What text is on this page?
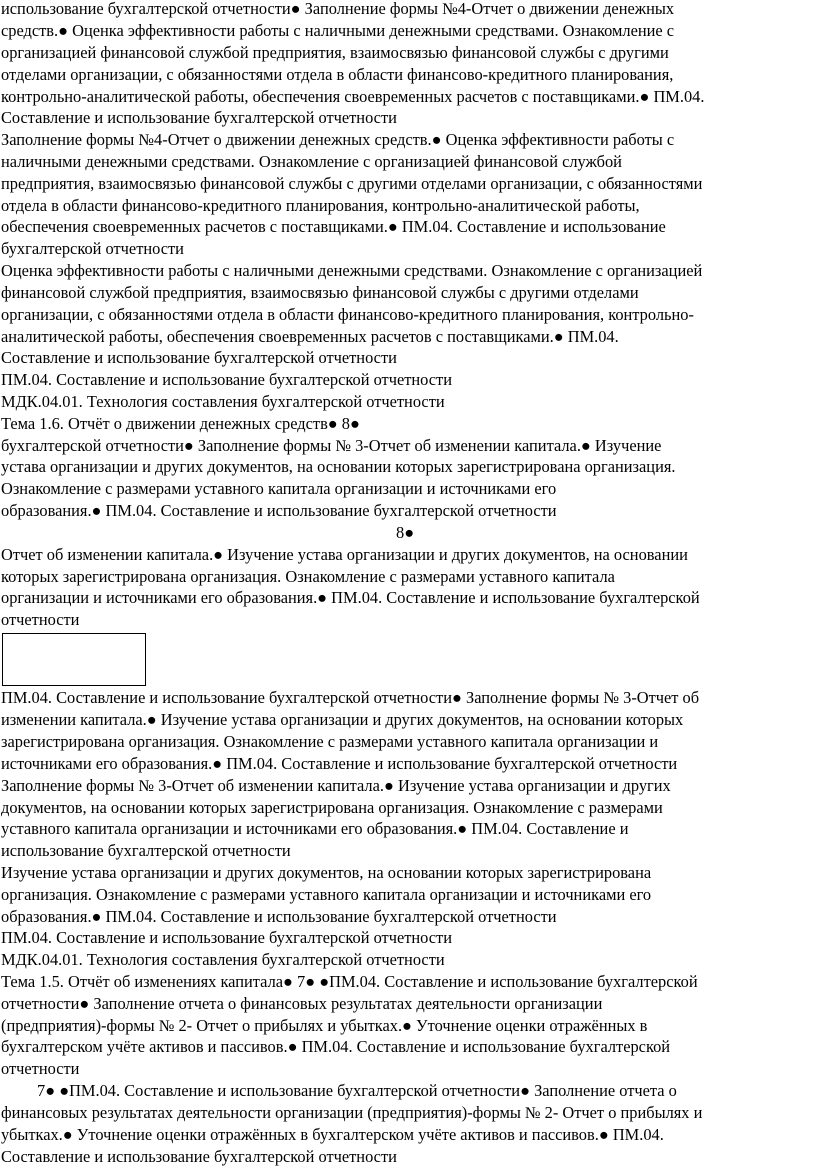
использование бухгалтерской отчетности● Заполнение формы №4-Отчет о движении денежных
средств.● Оценка эффективности работы с наличными денежными средствами. Ознакомление с
организацией финансовой службой предприятия, взаимосвязью финансовой службы с другими
отделами организации, с обязанностями отдела в области финансово-кредитного планирования,
контрольно-аналитической работы, обеспечения своевременных расчетов с поставщиками.● ПМ.04.
Составление и использование бухгалтерской отчетности
Заполнение формы №4-Отчет о движении денежных средств.● Оценка эффективности работы с
наличными денежными средствами. Ознакомление с организацией финансовой службой
предприятия, взаимосвязью финансовой службы с другими отделами организации, с обязанностями
отдела в области финансово-кредитного планирования, контрольно-аналитической работы,
обеспечения своевременных расчетов с поставщиками.● ПМ.04. Составление и использование
бухгалтерской отчетности
Оценка эффективности работы с наличными денежными средствами. Ознакомление с организацией
финансовой службой предприятия, взаимосвязью финансовой службы с другими отделами
организации, с обязанностями отдела в области финансово-кредитного планирования, контрольно-
аналитической работы, обеспечения своевременных расчетов с поставщиками.● ПМ.04.
Составление и использование бухгалтерской отчетности
ПМ.04. Составление и использование бухгалтерской отчетности
МДК.04.01. Технология составления бухгалтерской отчетности
Тема 1.6. Отчёт о движении денежных средств● 8●
бухгалтерской отчетности● Заполнение формы № 3-Отчет об изменении капитала.● Изучение
устава организации и других документов, на основании которых зарегистрирована организация.
Ознакомление с размерами уставного капитала организации и источниками его
образования.● ПМ.04. Составление и использование бухгалтерской отчетности
8●
Отчет об изменении капитала.● Изучение устава организации и других документов, на основании
которых зарегистрирована организация. Ознакомление с размерами уставного капитала
организации и источниками его образования.● ПМ.04. Составление и использование бухгалтерской
отчетности
ПМ.04. Составление и использование бухгалтерской отчетности● Заполнение формы № 3-Отчет об
изменении капитала.● Изучение устава организации и других документов, на основании которых
зарегистрирована организация. Ознакомление с размерами уставного капитала организации и
источниками его образования.● ПМ.04. Составление и использование бухгалтерской отчетности
Заполнение формы № 3-Отчет об изменении капитала.● Изучение устава организации и других
документов, на основании которых зарегистрирована организация. Ознакомление с размерами
уставного капитала организации и источниками его образования.● ПМ.04. Составление и
использование бухгалтерской отчетности
Изучение устава организации и других документов, на основании которых зарегистрирована
организация. Ознакомление с размерами уставного капитала организации и источниками его
образования.● ПМ.04. Составление и использование бухгалтерской отчетности
ПМ.04. Составление и использование бухгалтерской отчетности
МДК.04.01. Технология составления бухгалтерской отчетности
Тема 1.5. Отчёт об изменениях капитала● 7● ●ПМ.04. Составление и использование бухгалтерской
отчетности● Заполнение отчета о финансовых результатах деятельности организации
(предприятия)-формы № 2- Отчет о прибылях и убытках.● Уточнение оценки отражённых в
бухгалтерском учёте активов и пассивов.● ПМ.04. Составление и использование бухгалтерской
отчетности
7● ●ПМ.04. Составление и использование бухгалтерской отчетности● Заполнение отчета о
финансовых результатах деятельности организации (предприятия)-формы № 2- Отчет о прибылях и
убытках.● Уточнение оценки отражённых в бухгалтерском учёте активов и пассивов.● ПМ.04.
Составление и использование бухгалтерской отчетности
